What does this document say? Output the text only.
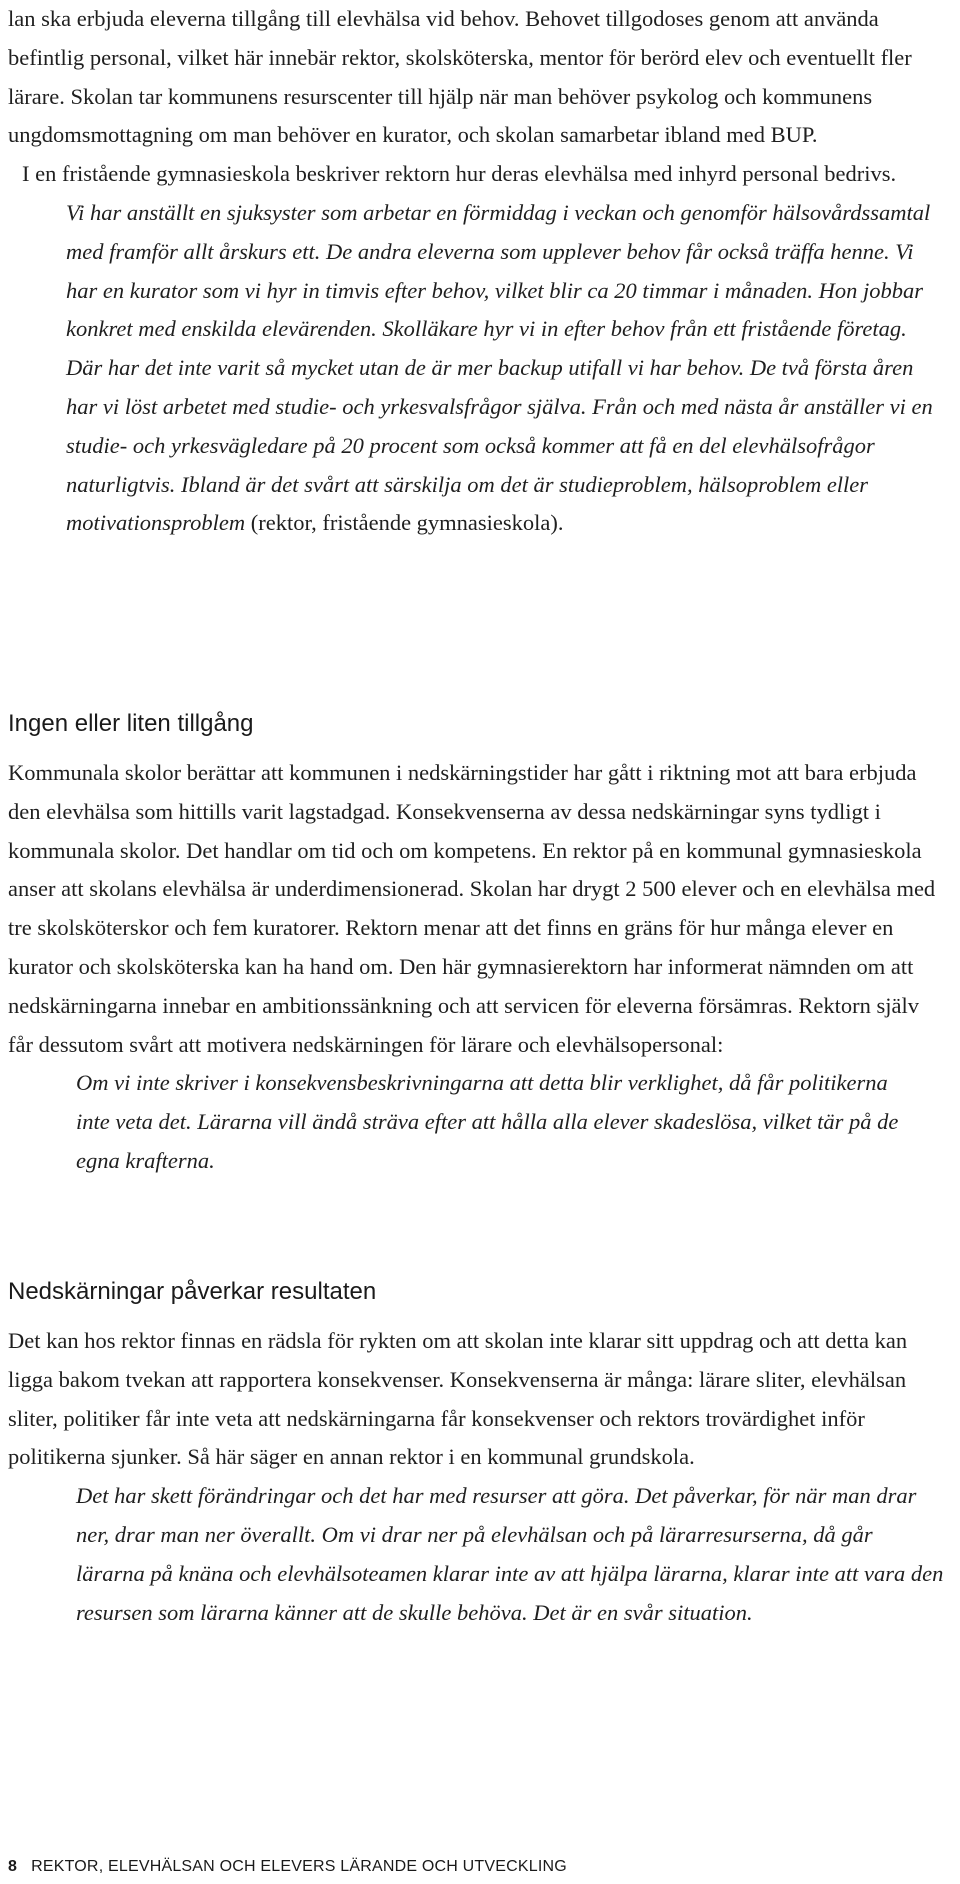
lan ska erbjuda eleverna tillgång till elevhälsa vid behov. Behovet tillgodoses genom att använda befintlig personal, vilket här innebär rektor, skolsköterska, mentor för berörd elev och eventuellt fler lärare. Skolan tar kommunens resurscenter till hjälp när man behöver psykolog och kommunens ungdomsmottagning om man behöver en kurator, och skolan samarbetar ibland med BUP.

I en fristående gymnasieskola beskriver rektorn hur deras elevhälsa med inhyrd personal bedrivs.

Vi har anställt en sjuksyster som arbetar en förmiddag i veckan och genomför hälsovårdssamtal med framför allt årskurs ett. De andra eleverna som upplever behov får också träffa henne. Vi har en kurator som vi hyr in timvis efter behov, vilket blir ca 20 timmar i månaden. Hon jobbar konkret med enskilda elevärenden. Skolläkare hyr vi in efter behov från ett fristående företag. Där har det inte varit så mycket utan de är mer backup utifall vi har behov. De två första åren har vi löst arbetet med studie- och yrkesvalsfrågor själva. Från och med nästa år anställer vi en studie- och yrkesvägledare på 20 procent som också kommer att få en del elevhälsofrågor naturligtvis. Ibland är det svårt att särskilja om det är studieproblem, hälsoproblem eller motivationsproblem (rektor, fristående gymnasieskola).

Ingen eller liten tillgång

Kommunala skolor berättar att kommunen i nedskärningstider har gått i riktning mot att bara erbjuda den elevhälsa som hittills varit lagstadgad. Konsekvenserna av dessa nedskärningar syns tydligt i kommunala skolor. Det handlar om tid och om kompetens. En rektor på en kommunal gymnasieskola anser att skolans elevhälsa är underdimensionerad. Skolan har drygt 2 500 elever och en elevhälsa med tre skolsköterskor och fem kuratorer. Rektorn menar att det finns en gräns för hur många elever en kurator och skolsköterska kan ha hand om. Den här gymnasierektorn har informerat nämnden om att nedskärningarna innebar en ambitionssänkning och att servicen för eleverna försämras. Rektorn själv får dessutom svårt att motivera nedskärningen för lärare och elevhälsopersonal:

Om vi inte skriver i konsekvensbeskrivningarna att detta blir verklighet, då får politikerna inte veta det. Lärarna vill ändå sträva efter att hålla alla elever skadeslösa, vilket tär på de egna krafterna.

Nedskärningar påverkar resultaten

Det kan hos rektor finnas en rädsla för rykten om att skolan inte klarar sitt uppdrag och att detta kan ligga bakom tvekan att rapportera konsekvenser. Konsekvenserna är många: lärare sliter, elevhälsan sliter, politiker får inte veta att nedskärningarna får konsekvenser och rektors trovärdighet inför politikerna sjunker. Så här säger en annan rektor i en kommunal grundskola.

Det har skett förändringar och det har med resurser att göra. Det påverkar, för när man drar ner, drar man ner överallt. Om vi drar ner på elevhälsan och på lärarresurserna, då går lärarna på knäna och elevhälsoteamen klarar inte av att hjälpa lärarna, klarar inte att vara den resursen som lärarna känner att de skulle behöva. Det är en svår situation.

8 REKTOR, ELEVHÄLSAN OCH ELEVERS LÄRANDE OCH UTVECKLING
